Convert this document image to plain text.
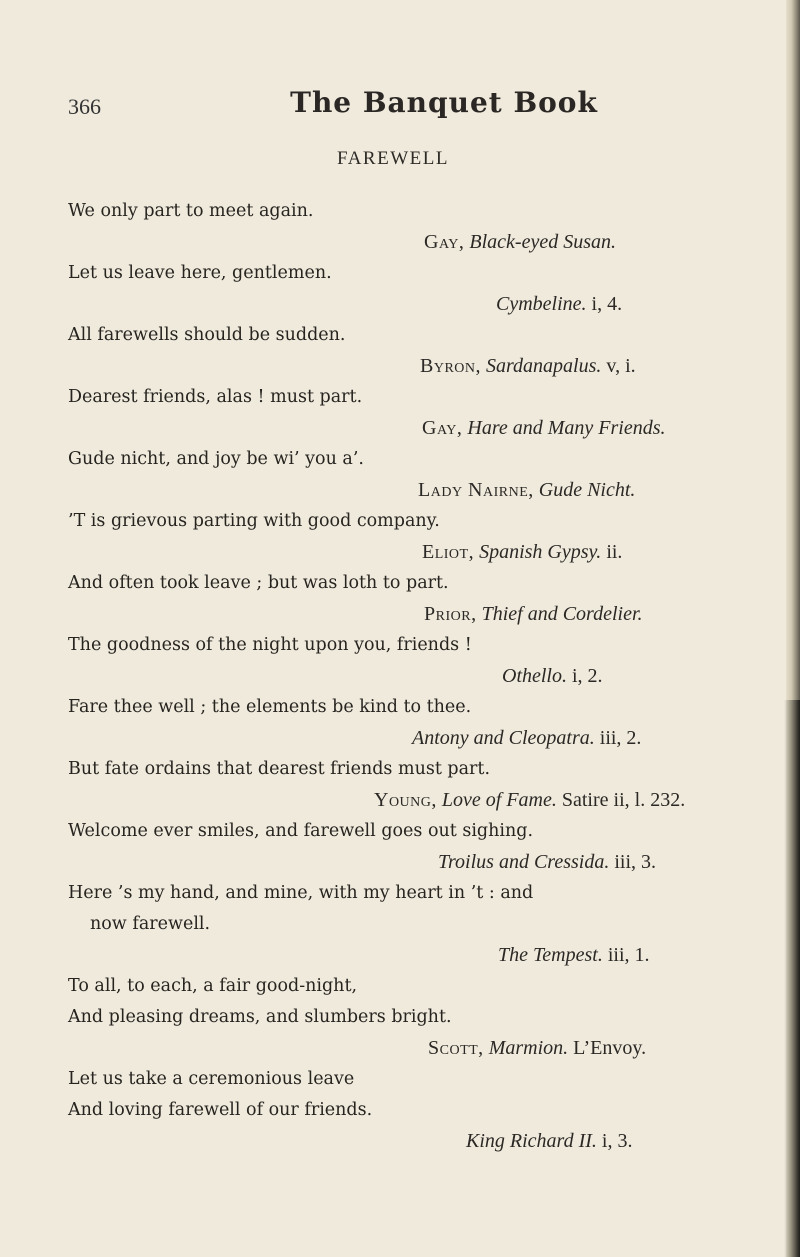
366	The Banquet Book
FAREWELL

We only part to meet again.

Gay, Black-eyed Susan.

Let us leave here, gentlemen.

Cymbeline. i, 4.

All farewells should be sudden.

Byron, Sardanapalus. v, i.

Dearest friends, alas ! must part.

Gay, Hare and Many Friends.

Gude nicht, and joy be wi’ you a’.

Lady Nairne, Gude Nicht.

’T is grievous parting with good company.

Eliot, Spanish Gypsy. ii.

And often took leave ; but was loth to part.

Prior, Thief and Cordelier.

The goodness of the night upon you, friends !

Othello. i, 2.

Fare thee well ; the elements be kind to thee.

Antony and Cleopatra. iii, 2.

But fate ordains that dearest friends must part.

Young, Love of Fame. Satire ii, l. 232.

Welcome ever smiles, and farewell goes out sighing.

Troilus and Cressida. iii, 3.

Here ’s my hand, and mine, with my heart in ’t : and
now farewell.

The Tempest. iii, 1.

To all, to each, a fair good-night,
And pleasing dreams, and slumbers bright.

Scott, Marmion. L’Envoy.

Let us take a ceremonious leave
And loving farewell of our friends.

King Richard II. i, 3.
